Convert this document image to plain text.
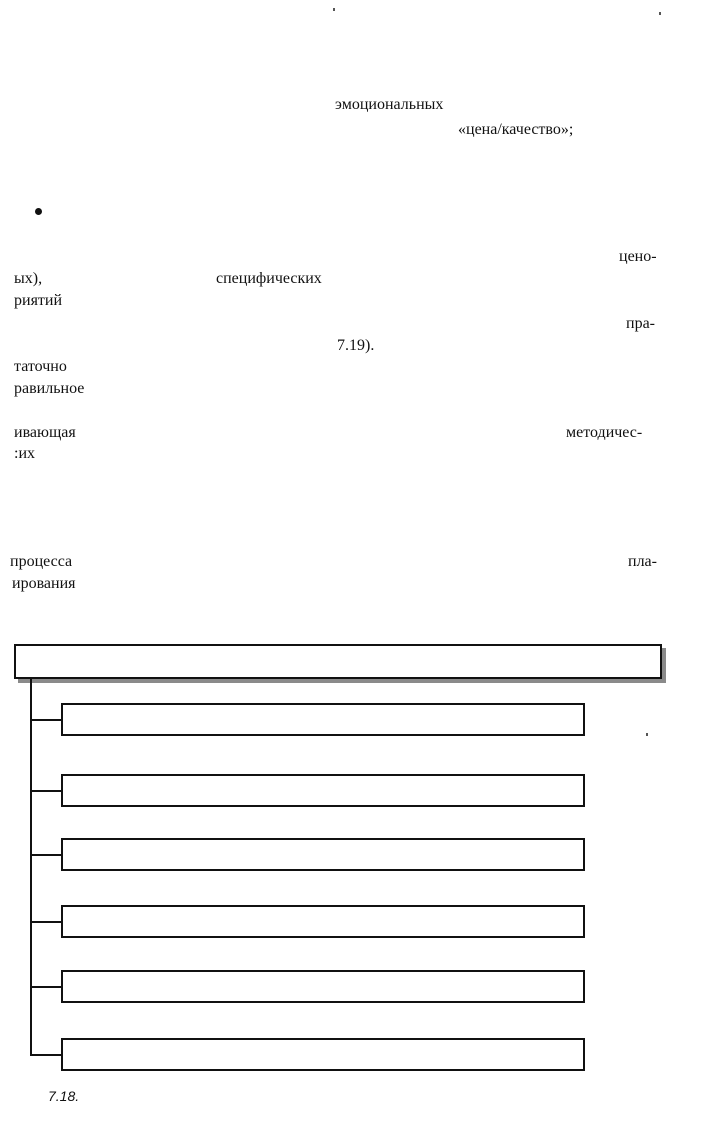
эмоциональных
«цена/качество»;
цено-
ых),	специфических
риятий
пра-
7.19).
таточно
равильное
ивающая	методичес-
:их
процесса	пла-
ирования
7.18.
